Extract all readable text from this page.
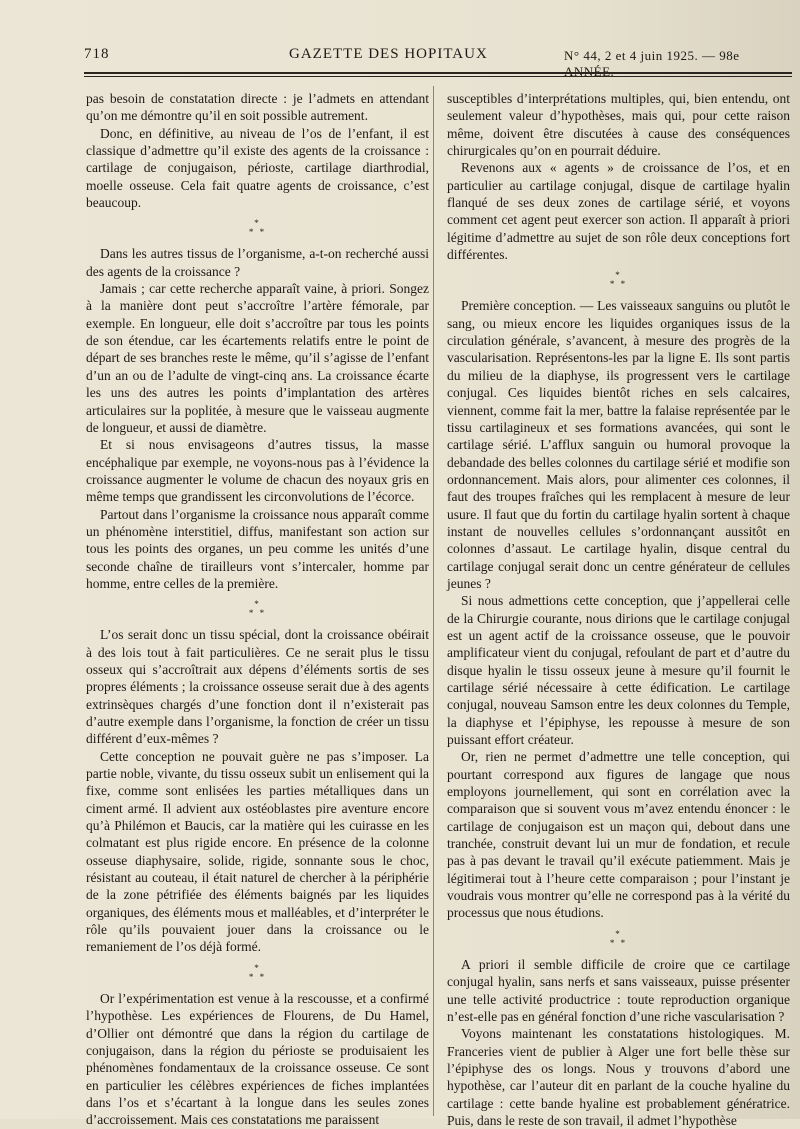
718	GAZETTE DES HOPITAUX	N° 44, 2 et 4 juin 1925. — 98e ANNÉE.

pas besoin de constatation directe : je l’admets en attendant qu’on me démontre qu’il en soit possible autrement.

Donc, en définitive, au niveau de l’os de l’enfant, il est classique d’admettre qu’il existe des agents de la croissance : cartilage de conjugaison, périoste, cartilage diarthrodial, moelle osseuse. Cela fait quatre agents de croissance, c’est beaucoup.

*
* *

Dans les autres tissus de l’organisme, a-t-on recherché aussi des agents de la croissance ?

Jamais ; car cette recherche apparaît vaine, à priori. Songez à la manière dont peut s’accroître l’artère fémorale, par exemple. En longueur, elle doit s’accroître par tous les points de son étendue, car les écartements relatifs entre le point de départ de ses branches reste le même, qu’il s’agisse de l’enfant d’un an ou de l’adulte de vingt-cinq ans. La croissance écarte les uns des autres les points d’implantation des artères articulaires sur la poplitée, à mesure que le vaisseau augmente de longueur, et aussi de diamètre.

Et si nous envisageons d’autres tissus, la masse encéphalique par exemple, ne voyons-nous pas à l’évidence la croissance augmenter le volume de chacun des noyaux gris en même temps que grandissent les circonvolutions de l’écorce.

Partout dans l’organisme la croissance nous apparaît comme un phénomène interstitiel, diffus, manifestant son action sur tous les points des organes, un peu comme les unités d’une seconde chaîne de tirailleurs vont s’intercaler, homme par homme, entre celles de la première.

*
* *

L’os serait donc un tissu spécial, dont la croissance obéirait à des lois tout à fait particulières. Ce ne serait plus le tissu osseux qui s’accroîtrait aux dépens d’éléments sortis de ses propres éléments ; la croissance osseuse serait due à des agents extrinsèques chargés d’une fonction dont il n’existerait pas d’autre exemple dans l’organisme, la fonction de créer un tissu différent d’eux-mêmes ?

Cette conception ne pouvait guère ne pas s’imposer. La partie noble, vivante, du tissu osseux subit un enlisement qui la fixe, comme sont enlisées les parties métalliques dans un ciment armé. Il advient aux ostéoblastes pire aventure encore qu’à Philémon et Baucis, car la matière qui les cuirasse en les colmatant est plus rigide encore. En présence de la colonne osseuse diaphysaire, solide, rigide, sonnante sous le choc, résistant au couteau, il était naturel de chercher à la périphérie de la zone pétrifiée des éléments baignés par les liquides organiques, des éléments mous et malléables, et d’interpréter le rôle qu’ils pouvaient jouer dans la croissance ou le remaniement de l’os déjà formé.

*
* *

Or l’expérimentation est venue à la rescousse, et a confirmé l’hypothèse. Les expériences de Flourens, de Du Hamel, d’Ollier ont démontré que dans la région du cartilage de conjugaison, dans la région du périoste se produisaient les phénomènes fondamentaux de la croissance osseuse. Ce sont en particulier les célèbres expériences de fiches implantées dans l’os et s’écartant à la longue dans les seules zones d’accroissement. Mais ces constatations me paraissent

susceptibles d’interprétations multiples, qui, bien entendu, ont seulement valeur d’hypothèses, mais qui, pour cette raison même, doivent être discutées à cause des conséquences chirurgicales qu’on en pourrait déduire.

Revenons aux « agents » de croissance de l’os, et en particulier au cartilage conjugal, disque de cartilage hyalin flanqué de ses deux zones de cartilage sérié, et voyons comment cet agent peut exercer son action. Il apparaît à priori légitime d’admettre au sujet de son rôle deux conceptions fort différentes.

*
* *

Première conception. — Les vaisseaux sanguins ou plutôt le sang, ou mieux encore les liquides organiques issus de la circulation générale, s’avancent, à mesure des progrès de la vascularisation. Représentons-les par la ligne E. Ils sont partis du milieu de la diaphyse, ils progressent vers le cartilage conjugal. Ces liquides bientôt riches en sels calcaires, viennent, comme fait la mer, battre la falaise représentée par le tissu cartilagineux et ses formations avancées, qui sont le cartilage sérié. L’afflux sanguin ou humoral provoque la debandade des belles colonnes du cartilage sérié et modifie son ordonnancement. Mais alors, pour alimenter ces colonnes, il faut des troupes fraîches qui les remplacent à mesure de leur usure. Il faut que du fortin du cartilage hyalin sortent à chaque instant de nouvelles cellules s’ordonnançant aussitôt en colonnes d’assaut. Le cartilage hyalin, disque central du cartilage conjugal serait donc un centre générateur de cellules jeunes ?

Si nous admettions cette conception, que j’appellerai celle de la Chirurgie courante, nous dirions que le cartilage conjugal est un agent actif de la croissance osseuse, que le pouvoir amplificateur vient du conjugal, refoulant de part et d’autre du disque hyalin le tissu osseux jeune à mesure qu’il fournit le cartilage sérié nécessaire à cette édification. Le cartilage conjugal, nouveau Samson entre les deux colonnes du Temple, la diaphyse et l’épiphyse, les repousse à mesure de son puissant effort créateur.

Or, rien ne permet d’admettre une telle conception, qui pourtant correspond aux figures de langage que nous employons journellement, qui sont en corrélation avec la comparaison que si souvent vous m’avez entendu énoncer : le cartilage de conjugaison est un maçon qui, debout dans une tranchée, construit devant lui un mur de fondation, et recule pas à pas devant le travail qu’il exécute patiemment. Mais je légitimerai tout à l’heure cette comparaison ; pour l’instant je voudrais vous montrer qu’elle ne correspond pas à la vérité du processus que nous étudions.

*
* *

A priori il semble difficile de croire que ce cartilage conjugal hyalin, sans nerfs et sans vaisseaux, puisse présenter une telle activité productrice : toute reproduction organique n’est-elle pas en général fonction d’une riche vascularisation ?

Voyons maintenant les constatations histologiques. M. Franceries vient de publier à Alger une fort belle thèse sur l’épiphyse des os longs. Nous y trouvons d’abord une hypothèse, car l’auteur dit en parlant de la couche hyaline du cartilage : cette bande hyaline est probablement génératrice. Puis, dans le reste de son travail, il admet l’hypothèse
